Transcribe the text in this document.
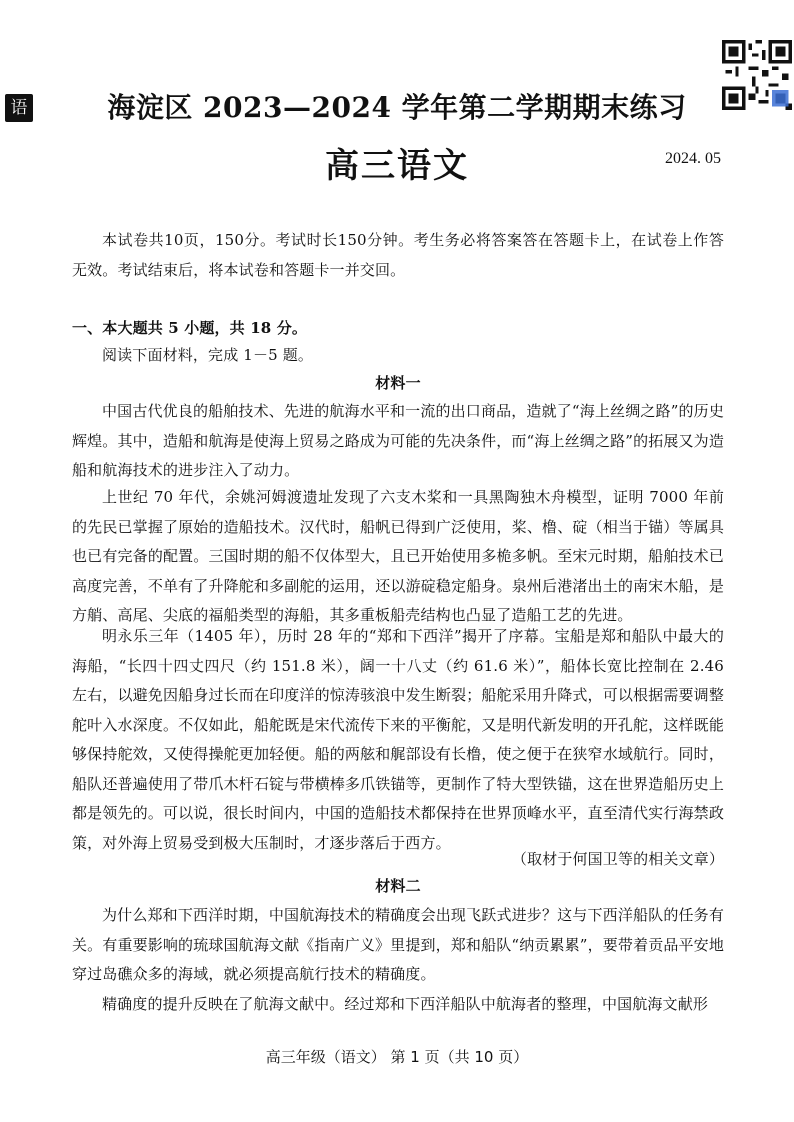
语	海淀区 2023—2024 学年第二学期期末练习
高三语文	2024. 05
本试卷共10页，150分。考试时长150分钟。考生务必将答案答在答题卡上，在试卷上作答无效。考试结束后，将本试卷和答题卡一并交回。
一、本大题共 5 小题，共 18 分。
阅读下面材料，完成 1－5 题。
材料一
中国古代优良的船舶技术、先进的航海水平和一流的出口商品，造就了“海上丝绸之路”的历史辉煌。其中，造船和航海是使海上贸易之路成为可能的先决条件，而“海上丝绸之路”的拓展又为造船和航海技术的进步注入了动力。
上世纪 70 年代，余姚河姆渡遗址发现了六支木桨和一具黑陶独木舟模型，证明 7000 年前的先民已掌握了原始的造船技术。汉代时，船帆已得到广泛使用，桨、橹、碇（相当于锚）等属具也已有完备的配置。三国时期的船不仅体型大，且已开始使用多桅多帆。至宋元时期，船舶技术已高度完善，不单有了升降舵和多副舵的运用，还以游碇稳定船身。泉州后港渚出土的南宋木船，是方艄、高尾、尖底的福船类型的海船，其多重板船壳结构也凸显了造船工艺的先进。
明永乐三年（1405 年），历时 28 年的“郑和下西洋”揭开了序幕。宝船是郑和船队中最大的海船，“长四十四丈四尺（约 151.8 米），阔一十八丈（约 61.6 米）”，船体长宽比控制在 2.46 左右，以避免因船身过长而在印度洋的惊涛骇浪中发生断裂；船舵采用升降式，可以根据需要调整舵叶入水深度。不仅如此，船舵既是宋代流传下来的平衡舵，又是明代新发明的开孔舵，这样既能够保持舵效，又使得操舵更加轻便。船的两舷和艉部设有长橹，使之便于在狭窄水域航行。同时，船队还普遍使用了带爪木杆石锭与带横棒多爪铁锚等，更制作了特大型铁锚，这在世界造船历史上都是领先的。可以说，很长时间内，中国的造船技术都保持在世界顶峰水平，直至清代实行海禁政策，对外海上贸易受到极大压制时，才逐步落后于西方。
（取材于何国卫等的相关文章）
材料二
为什么郑和下西洋时期，中国航海技术的精确度会出现飞跃式进步？这与下西洋船队的任务有关。有重要影响的琉球国航海文献《指南广义》里提到，郑和船队“纳贡累累”，要带着贡品平安地穿过岛礁众多的海域，就必须提高航行技术的精确度。
精确度的提升反映在了航海文献中。经过郑和下西洋船队中航海者的整理，中国航海文献形
高三年级（语文） 第 1 页（共 10 页）
